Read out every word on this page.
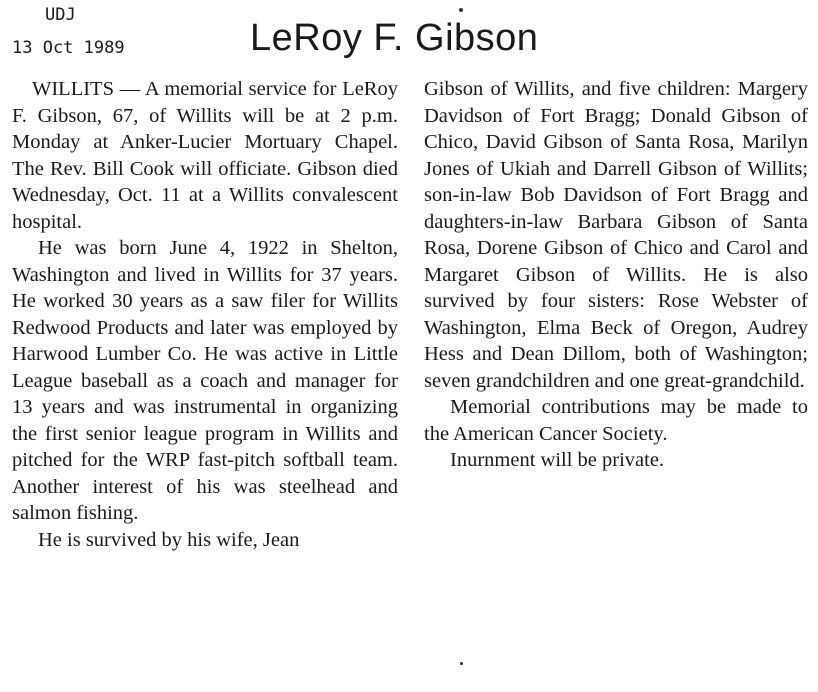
UDJ
13 Oct 1989	LeRoy F. Gibson

WILLITS — A memorial service for LeRoy F. Gibson, 67, of Willits will be at 2 p.m. Monday at Anker-Lucier Mortuary Chapel. The Rev. Bill Cook will officiate. Gibson died Wednesday, Oct. 11 at a Willits convalescent hospital.

He was born June 4, 1922 in Shelton, Washington and lived in Willits for 37 years. He worked 30 years as a saw filer for Willits Redwood Products and later was employed by Harwood Lumber Co. He was active in Little League baseball as a coach and manager for 13 years and was instrumental in organizing the first senior league program in Willits and pitched for the WRP fast-pitch softball team. Another interest of his was steelhead and salmon fishing.

He is survived by his wife, Jean

Gibson of Willits, and five children: Margery Davidson of Fort Bragg; Donald Gibson of Chico, David Gibson of Santa Rosa, Marilyn Jones of Ukiah and Darrell Gibson of Willits; son-in-law Bob Davidson of Fort Bragg and daughters-in-law Barbara Gibson of Santa Rosa, Dorene Gibson of Chico and Carol and Margaret Gibson of Willits. He is also survived by four sisters: Rose Webster of Washington, Elma Beck of Oregon, Audrey Hess and Dean Dillom, both of Washington; seven grandchildren and one great-grandchild.

Memorial contributions may be made to the American Cancer Society.

Inurnment will be private.
